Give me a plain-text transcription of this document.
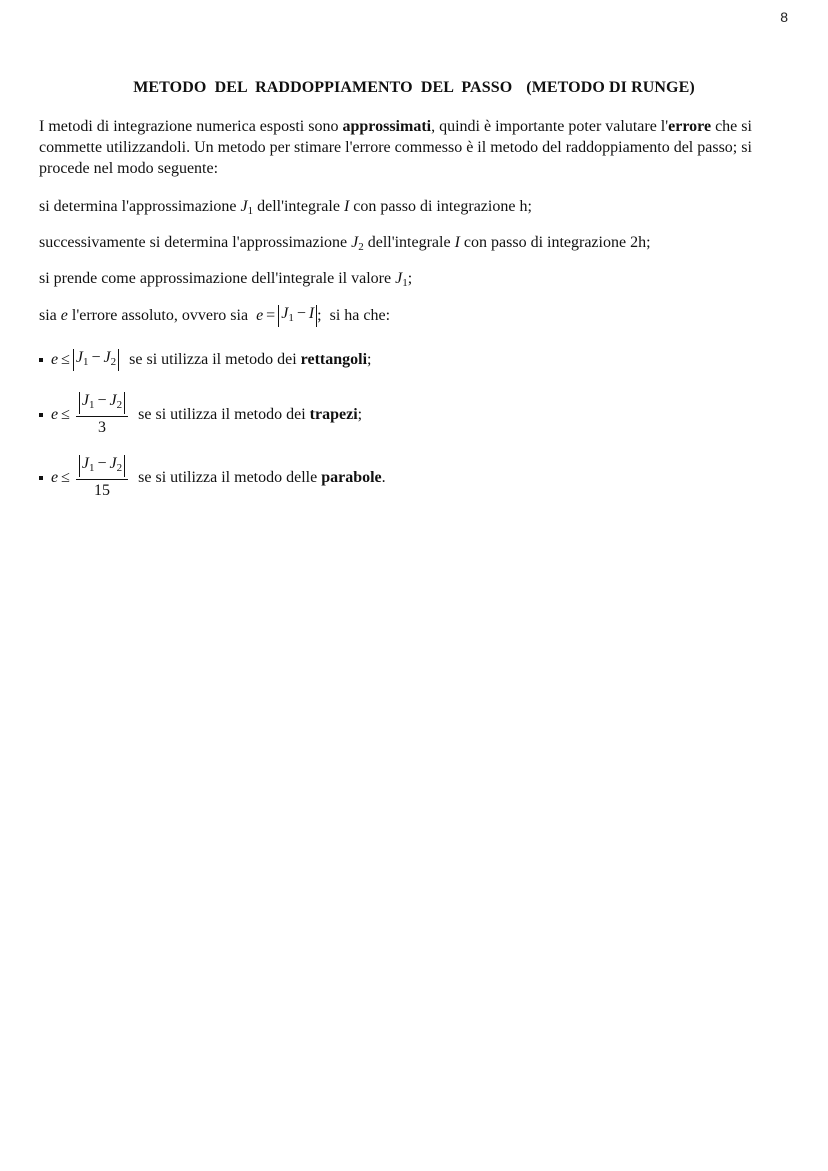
8
METODO  DEL  RADDOPPIAMENTO  DEL  PASSO (METODO DI RUNGE)

I metodi di integrazione numerica esposti sono approssimati, quindi è importante poter valutare l'errore che si commette utilizzandoli. Un metodo per stimare l'errore commesso è il metodo del raddoppiamento del passo; si procede nel modo seguente:

si determina l'approssimazione $J_1$ dell'integrale I con passo di integrazione h;

successivamente si determina l'approssimazione $J_2$ dell'integrale I con passo di integrazione 2h;

si prende come approssimazione dell'integrale il valore $J_1$;

sia e l'errore assoluto, ovvero sia $e = J_1 - I$ ;  si ha che:
$e \le J_1 - J_2$ se si utilizza il metodo dei rettangoli ;
$e \le \frac{J_1 - J_2}{3}$ se si utilizza il metodo dei trapezi ;
$e \le \frac{J_1 - J_2}{15}$ se si utilizza il metodo delle parabole .
